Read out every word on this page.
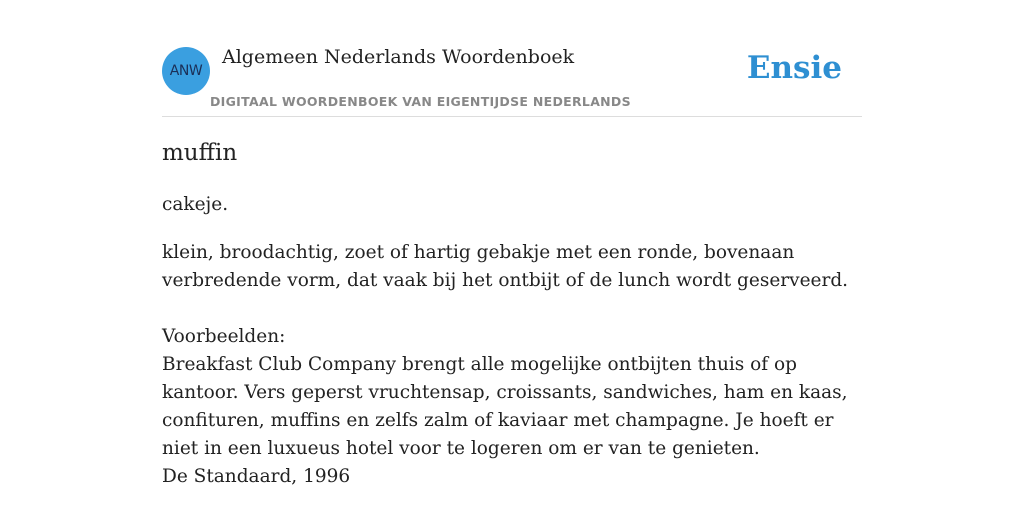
ANW
Algemeen Nederlands Woordenboek
DIGITAAL WOORDENBOEK VAN EIGENTIJDSE NEDERLANDS
Ensie
muffin

cakeje.

klein, broodachtig, zoet of hartig gebakje met een ronde, bovenaan verbredende vorm, dat vaak bij het ontbijt of de lunch wordt geserveerd.

Voorbeelden:

Breakfast Club Company brengt alle mogelijke ontbijten thuis of op kantoor. Vers geperst vruchtensap, croissants, sandwiches, ham en kaas, confituren, muffins en zelfs zalm of kaviaar met champagne. Je hoeft er niet in een luxueus hotel voor te logeren om er van te genieten.

De Standaard, 1996
